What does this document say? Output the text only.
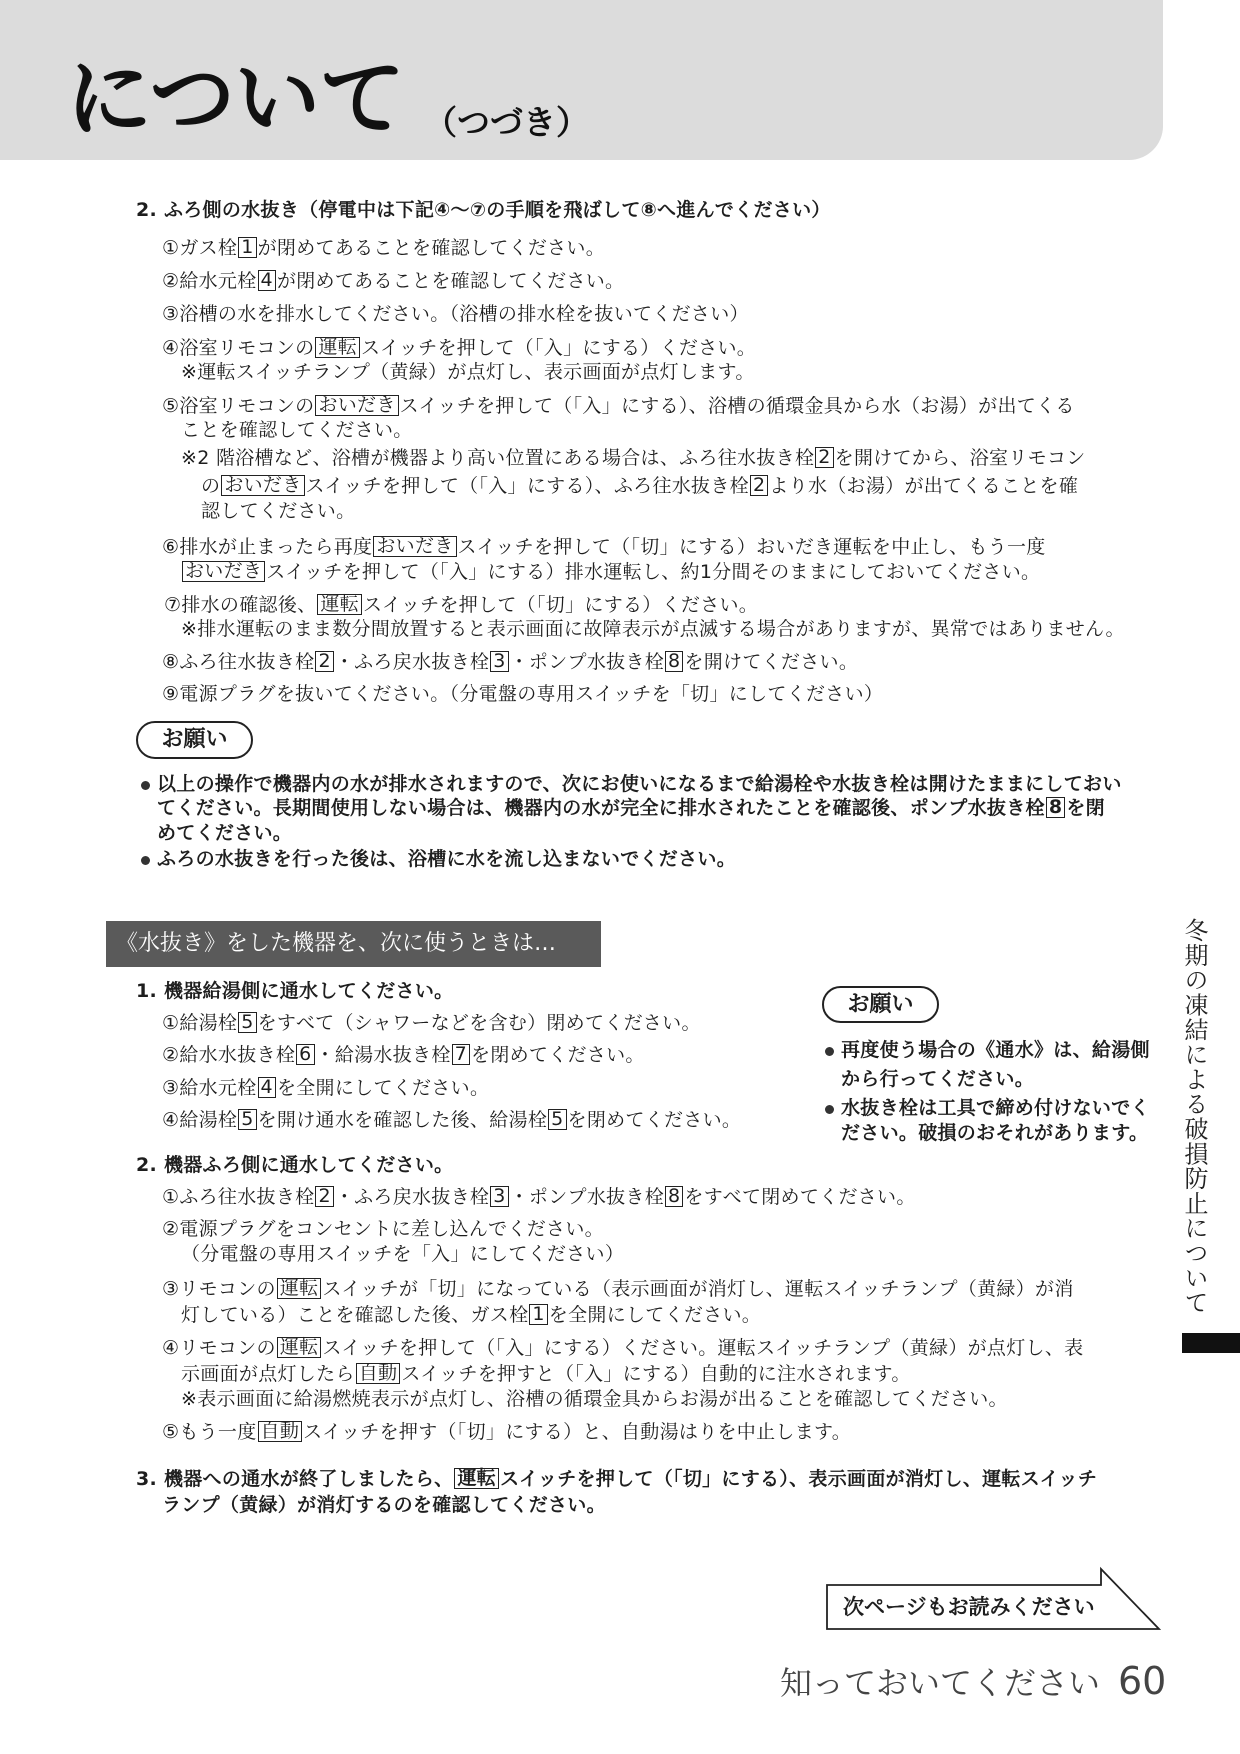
について （つづき）
2. ふろ側の水抜き（停電中は下記④～⑦の手順を飛ばして⑧へ進んでください）
①ガス栓 1 が閉めてあることを確認してください。
②給水元栓 4 が閉めてあることを確認してください。
③浴槽の水を排水してください。（浴槽の排水栓を抜いてください）
④浴室リモコンの 運転 スイッチを押して（「入」にする）ください。
※運転スイッチランプ（黄緑）が点灯し、表示画面が点灯します。
⑤浴室リモコンの おいだき スイッチを押して（「入」にする）、浴槽の循環金具から水（お湯）が出てくる
ことを確認してください。
※2 階浴槽など、浴槽が機器より高い位置にある場合は、ふろ往水抜き栓 2 を開けてから、浴室リモコン
の おいだき スイッチを押して（「入」にする）、ふろ往水抜き栓 2 より水（お湯）が出てくることを確
認してください。
⑥排水が止まったら再度 おいだき スイッチを押して（「切」にする）おいだき運転を中止し、もう一度
おいだき スイッチを押して（「入」にする）排水運転し、約1分間そのままにしておいてください。
⑦排水の確認後、 運転 スイッチを押して（「切」にする）ください。
※排水運転のまま数分間放置すると表示画面に故障表示が点滅する場合がありますが、異常ではありません。
⑧ふろ往水抜き栓 2 ・ふろ戻水抜き栓 3 ・ポンプ水抜き栓 8 を開けてください。
⑨電源プラグを抜いてください。（分電盤の専用スイッチを「切」にしてください）
お願い
以上の操作で機器内の水が排水されますので、次にお使いになるまで給湯栓や水抜き栓は開けたままにしておい
てください。長期間使用しない場合は、機器内の水が完全に排水されたことを確認後、ポンプ水抜き栓 8 を閉
めてください。
ふろの水抜きを行った後は、浴槽に水を流し込まないでください。
《水抜き》をした機器を、次に使うときは…
1. 機器給湯側に通水してください。
①給湯栓 5 をすべて（シャワーなどを含む）閉めてください。
②給水水抜き栓 6 ・給湯水抜き栓 7 を閉めてください。
③給水元栓 4 を全開にしてください。
④給湯栓 5 を開け通水を確認した後、給湯栓 5 を閉めてください。
お願い
再度使う場合の《通水》は、給湯側
から行ってください。
水抜き栓は工具で締め付けないでく
ださい。破損のおそれがあります。
2. 機器ふろ側に通水してください。
①ふろ往水抜き栓 2 ・ふろ戻水抜き栓 3 ・ポンプ水抜き栓 8 をすべて閉めてください。
②電源プラグをコンセントに差し込んでください。
（分電盤の専用スイッチを「入」にしてください）
③リモコンの 運転 スイッチが「切」になっている（表示画面が消灯し、運転スイッチランプ（黄緑）が消
灯している）ことを確認した後、ガス栓 1 を全開にしてください。
④リモコンの 運転 スイッチを押して（「入」にする）ください。運転スイッチランプ（黄緑）が点灯し、表
示画面が点灯したら 自動 スイッチを押すと（「入」にする）自動的に注水されます。
※表示画面に給湯燃焼表示が点灯し、浴槽の循環金具からお湯が出ることを確認してください。
⑤もう一度 自動 スイッチを押す（「切」にする）と、自動湯はりを中止します。
3. 機器への通水が終了しましたら、 運転 スイッチを押して（「切」にする）、表示画面が消灯し、運転スイッチ
ランプ（黄緑）が消灯するのを確認してください。
冬期の凍結による破損防止について
次ページもお読みください
知っておいてください 60
